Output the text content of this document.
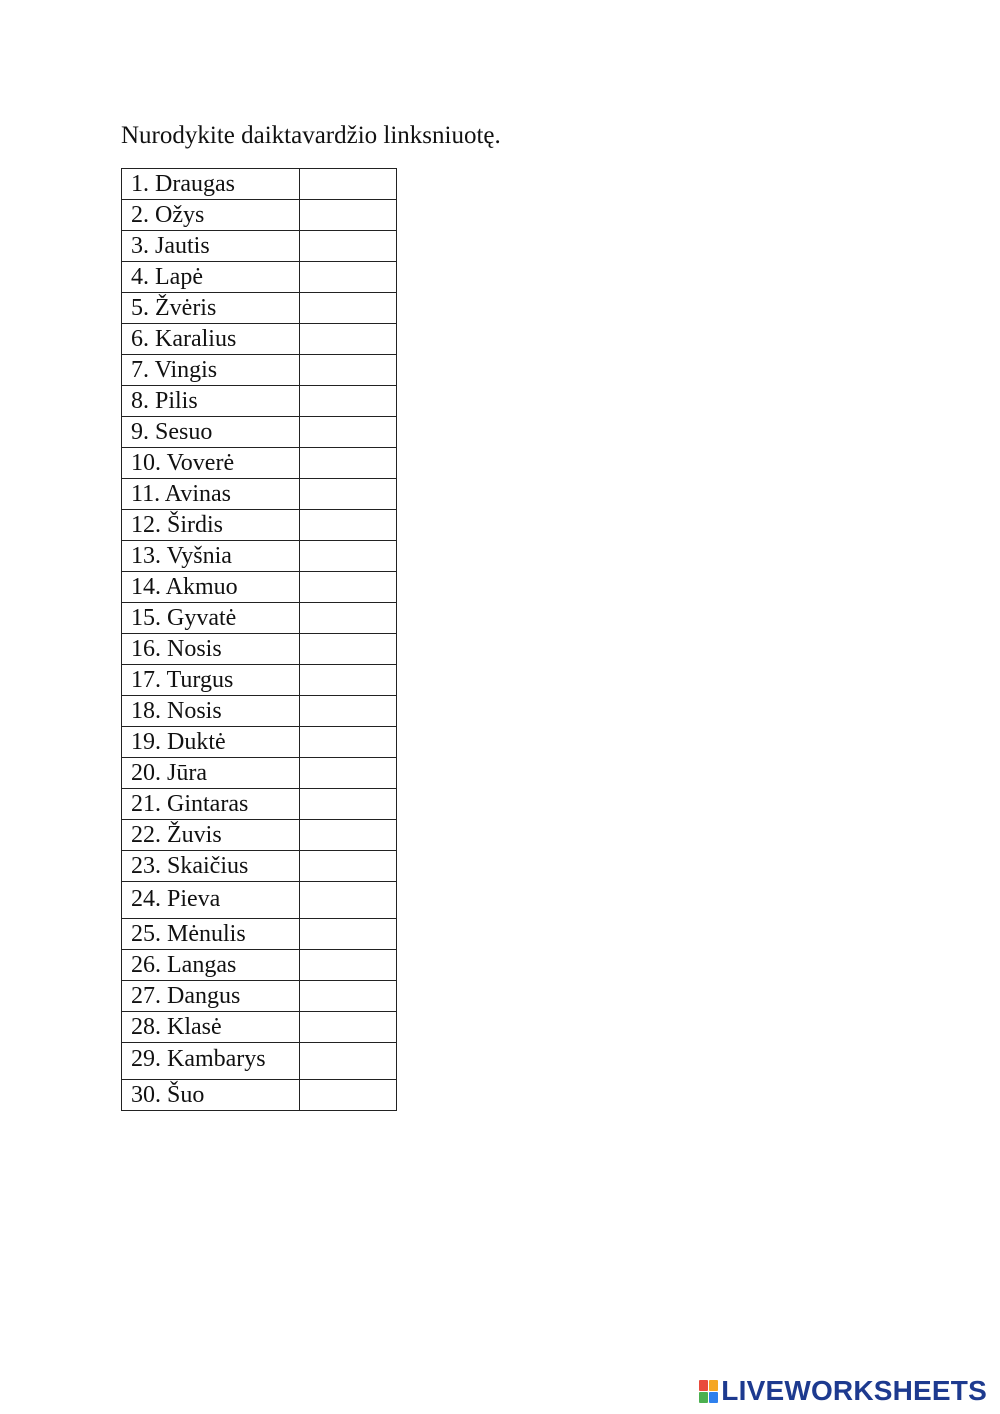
Nurodykite daiktavardžio linksniuotę.
1. Draugas	
2. Ožys	
3. Jautis	
4. Lapė	
5. Žvėris	
6. Karalius	
7. Vingis	
8. Pilis	
9. Sesuo	
10. Voverė	
11. Avinas	
12. Širdis	
13. Vyšnia	
14. Akmuo	
15. Gyvatė	
16. Nosis	
17. Turgus	
18. Nosis	
19. Duktė	
20. Jūra	
21. Gintaras	
22. Žuvis	
23. Skaičius	
24. Pieva	
25. Mėnulis	
26. Langas	
27. Dangus	
28. Klasė	
29. Kambarys	
30. Šuo	
LIVEWORKSHEETS
